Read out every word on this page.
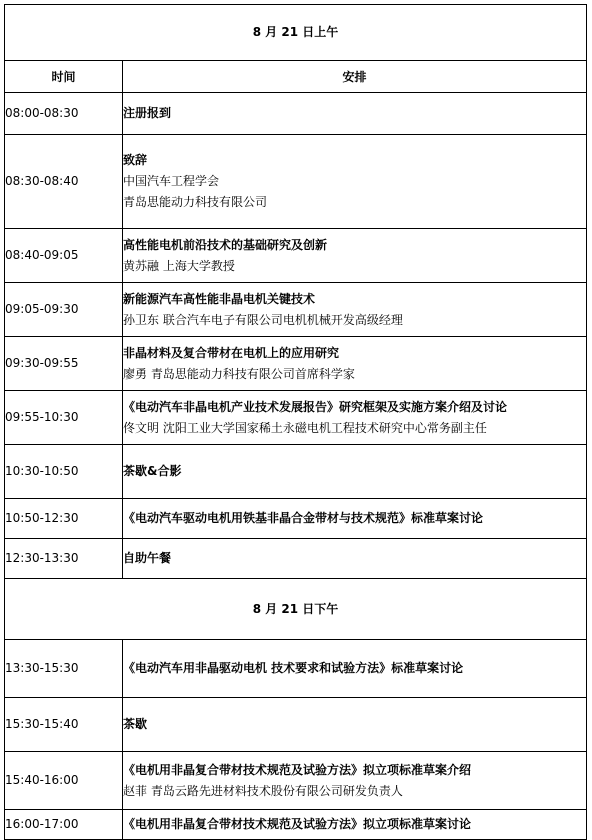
8 月 21 日上午	
时间	安排
08:00-08:30	注册报到

08:30-08:40	致辞
中国汽车工程学会
青岛思能动力科技有限公司

08:40-09:05	高性能电机前沿技术的基础研究及创新
黄苏融 上海大学教授

09:05-09:30	新能源汽车高性能非晶电机关键技术
孙卫东 联合汽车电子有限公司电机机械开发高级经理

09:30-09:55	非晶材料及复合带材在电机上的应用研究
廖勇 青岛思能动力科技有限公司首席科学家

09:55-10:30	《电动汽车非晶电机产业技术发展报告》研究框架及实施方案介绍及讨论
佟文明 沈阳工业大学国家稀土永磁电机工程技术研究中心常务副主任

10:30-10:50	茶歇&合影

10:50-12:30	《电动汽车驱动电机用铁基非晶合金带材与技术规范》标准草案讨论

12:30-13:30	自助午餐

8 月 21 日下午	
13:30-15:30	《电动汽车用非晶驱动电机 技术要求和试验方法》标准草案讨论

15:30-15:40	茶歇

15:40-16:00	《电机用非晶复合带材技术规范及试验方法》拟立项标准草案介绍
赵菲 青岛云路先进材料技术股份有限公司研发负责人

16:00-17:00	《电机用非晶复合带材技术规范及试验方法》拟立项标准草案讨论
